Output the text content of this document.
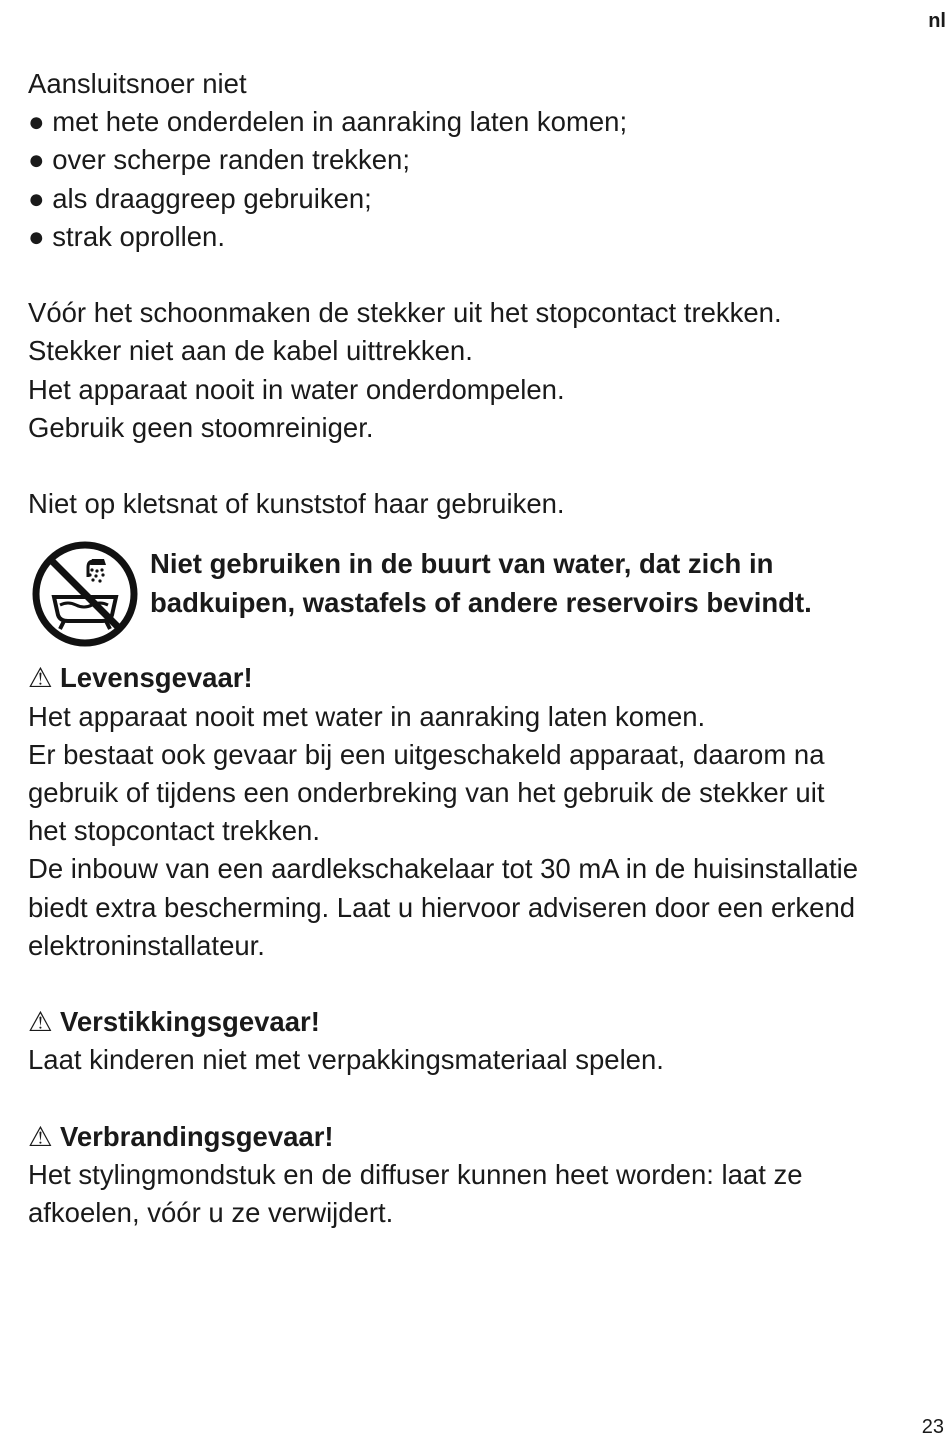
nl
Aansluitsnoer niet
● met hete onderdelen in aanraking laten komen;
● over scherpe randen trekken;
● als draaggreep gebruiken;
● strak oprollen.
Vóór het schoonmaken de stekker uit het stopcontact trekken.
Stekker niet aan de kabel uittrekken.
Het apparaat nooit in water onderdompelen.
Gebruik geen stoomreiniger.
Niet op kletsnat of kunststof haar gebruiken.
Niet gebruiken in de buurt van water, dat zich in
badkuipen, wastafels of andere reservoirs bevindt.
⚠ Levensgevaar!
Het apparaat nooit met water in aanraking laten komen.
Er bestaat ook gevaar bij een uitgeschakeld apparaat, daarom na
gebruik of tijdens een onderbreking van het gebruik de stekker uit
het stopcontact trekken.
De inbouw van een aardlekschakelaar tot 30 mA in de huisinstallatie
biedt extra bescherming. Laat u hiervoor adviseren door een erkend
elektroninstallateur.
⚠ Verstikkingsgevaar!
Laat kinderen niet met verpakkingsmateriaal spelen.
⚠ Verbrandingsgevaar!
Het stylingmondstuk en de diffuser kunnen heet worden: laat ze
afkoelen, vóór u ze verwijdert.
23
